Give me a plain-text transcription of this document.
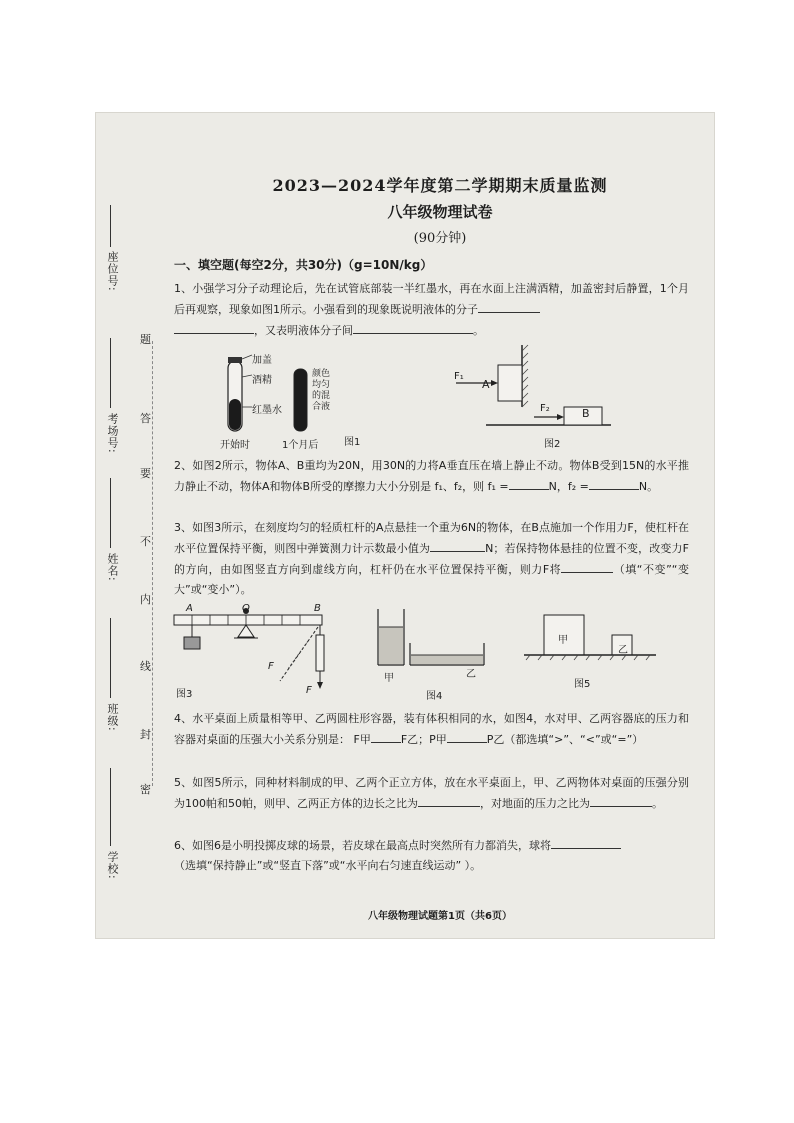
座位号:
考场号:
姓名:
班级:
学校:
题
答
要
不
内
线
封
密
2023—2024学年度第二学期期末质量监测
八年级物理试卷
(90分钟)
一、填空题(每空2分，共30分)（g=10N/kg）
1、小强学习分子动理论后，先在试管底部装一半红墨水，再在水面上注满酒精，加盖密封后静置，1个月后再观察，现象如图1所示。小强看到的现象既说明液体的分子
，又表明液体分子间	。
加盖
酒精
红墨水
颜色均匀的混合液
开始时	1个月后	图1
F₁
A
F₂	B
图2
2、如图2所示，物体A、B重均为20N，用30N的力将A垂直压在墙上静止不动。物体B受到15N的水平推力静止不动，物体A和物体B所受的摩擦力大小分别是 f₁、f₂，则 f₁ =	N，f₂ =	N。
3、如图3所示，在刻度均匀的轻质杠杆的A点悬挂一个重为6N的物体，在B点施加一个作用力F，使杠杆在水平位置保持平衡，则图中弹簧测力计示数最小值为	N；若保持物体悬挂的位置不变，改变力F的方向，由如图竖直方向到虚线方向，杠杆仍在水平位置保持平衡，则力F将	（填“不变”“变大”或“变小”）。
A	O	B
F
F
图3
甲	乙
图4
甲
乙
图5
4、水平桌面上质量相等甲、乙两圆柱形容器，装有体积相同的水，如图4，水对甲、乙两容器底的压力和容器对桌面的压强大小关系分别是： F甲	F乙；P甲	P乙（都选填“>”、“<”或“=”）
5、如图5所示，同种材料制成的甲、乙两个正立方体，放在水平桌面上，甲、乙两物体对桌面的压强分别为100帕和50帕，则甲、乙两正方体的边长之比为	，对地面的压力之比为	。
6、如图6是小明投掷皮球的场景，若皮球在最高点时突然所有力都消失，球将
（选填“保持静止”或“竖直下落”或“水平向右匀速直线运动” ）。
八年级物理试题第1页（共6页）
